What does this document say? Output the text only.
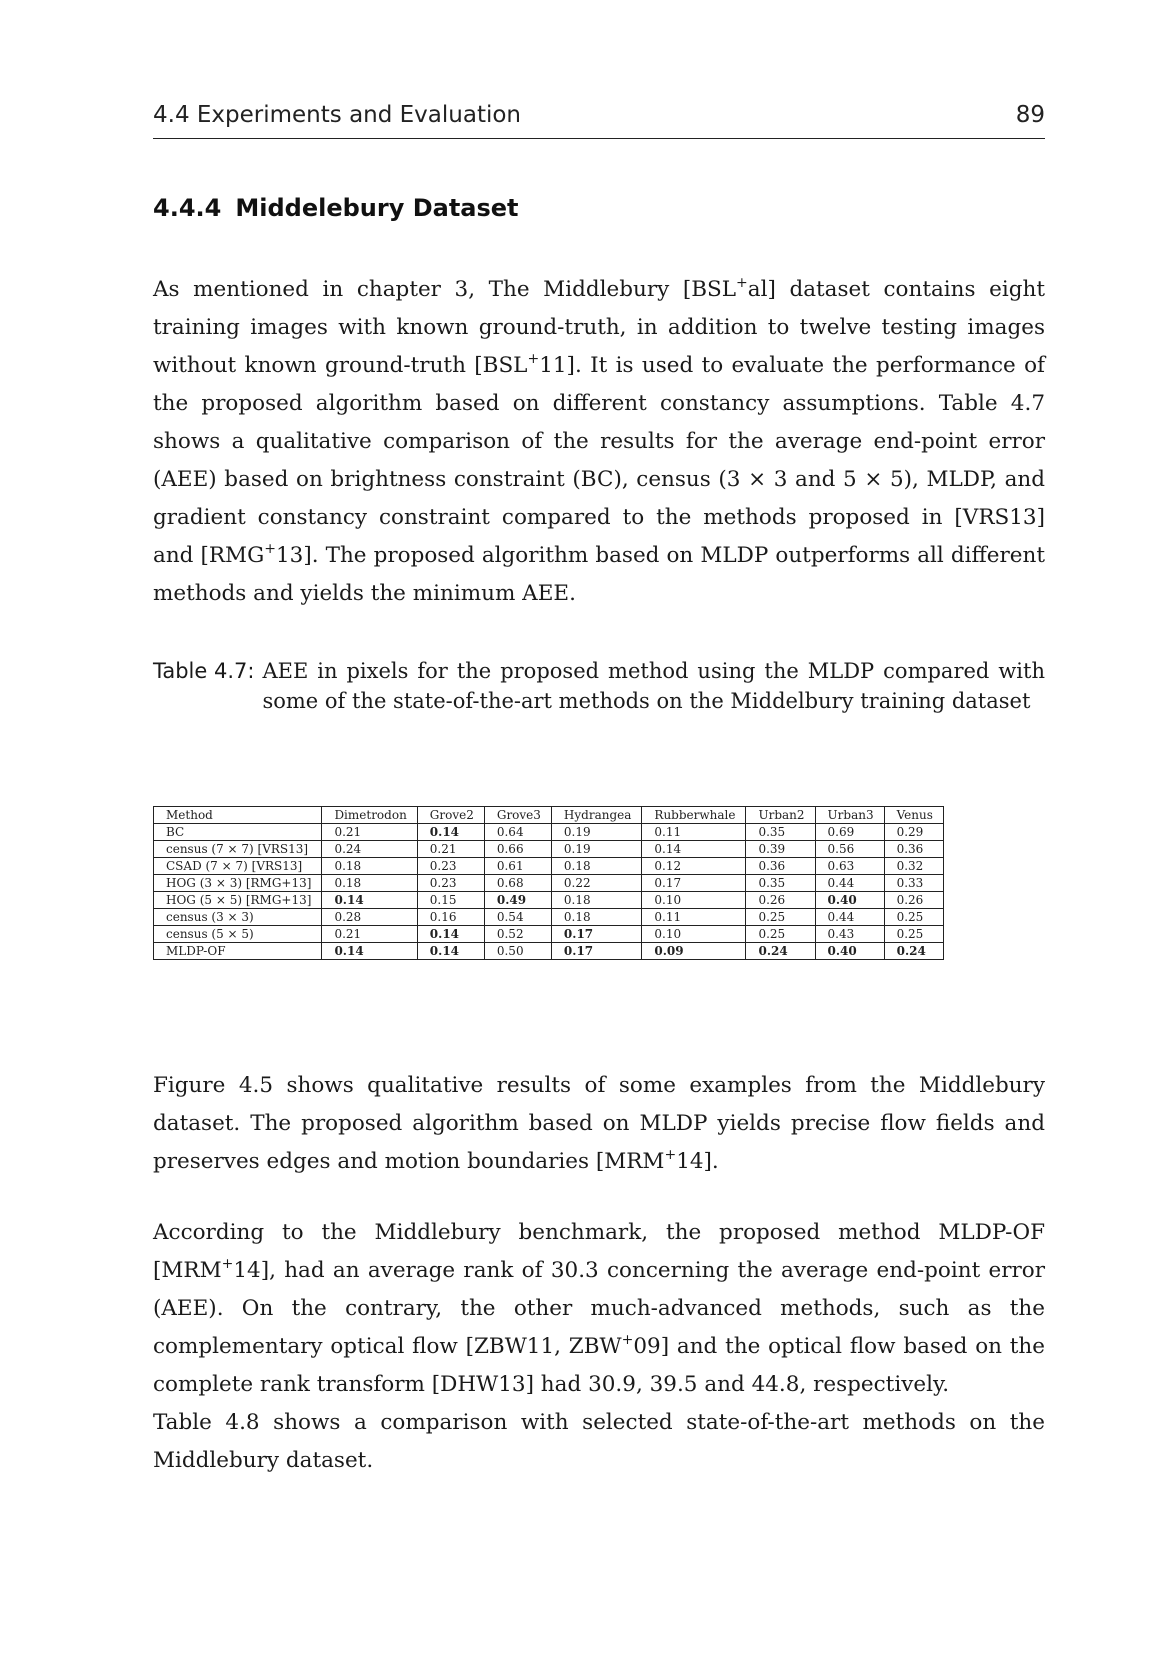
4.4 Experiments and Evaluation	89
4.4.4 Middelebury Dataset

As mentioned in chapter 3, The Middlebury [BSL+al] dataset contains eight training images with known ground-truth, in addition to twelve testing images without known ground-truth [BSL+11]. It is used to evaluate the performance of the proposed algorithm based on different constancy assumptions. Table 4.7 shows a qualitative comparison of the results for the average end-point error (AEE) based on brightness constraint (BC), census (3 × 3 and 5 × 5), MLDP, and gradient constancy constraint compared to the methods proposed in [VRS13] and [RMG+13]. The proposed algorithm based on MLDP outperforms all different methods and yields the minimum AEE.

Table 4.7: AEE in pixels for the proposed method using the MLDP compared with some of the state-of-the-art methods on the Middelbury training dataset
Method	Dimetrodon	Grove2	Grove3	Hydrangea	Rubberwhale	Urban2	Urban3	Venus
BC	0.21	0.14	0.64	0.19	0.11	0.35	0.69	0.29
census (7 × 7) [VRS13]	0.24	0.21	0.66	0.19	0.14	0.39	0.56	0.36
CSAD (7 × 7) [VRS13]	0.18	0.23	0.61	0.18	0.12	0.36	0.63	0.32
HOG (3 × 3) [RMG+13]	0.18	0.23	0.68	0.22	0.17	0.35	0.44	0.33
HOG (5 × 5) [RMG+13]	0.14	0.15	0.49	0.18	0.10	0.26	0.40	0.26
census (3 × 3)	0.28	0.16	0.54	0.18	0.11	0.25	0.44	0.25
census (5 × 5)	0.21	0.14	0.52	0.17	0.10	0.25	0.43	0.25
MLDP-OF	0.14	0.14	0.50	0.17	0.09	0.24	0.40	0.24

Figure 4.5 shows qualitative results of some examples from the Middlebury dataset. The proposed algorithm based on MLDP yields precise flow fields and preserves edges and motion boundaries [MRM+14].

According to the Middlebury benchmark, the proposed method MLDP-OF [MRM+14], had an average rank of 30.3 concerning the average end-point error (AEE). On the contrary, the other much-advanced methods, such as the complementary optical flow [ZBW11, ZBW+09] and the optical flow based on the complete rank transform [DHW13] had 30.9, 39.5 and 44.8, respectively.

Table 4.8 shows a comparison with selected state-of-the-art methods on the Middlebury dataset.
